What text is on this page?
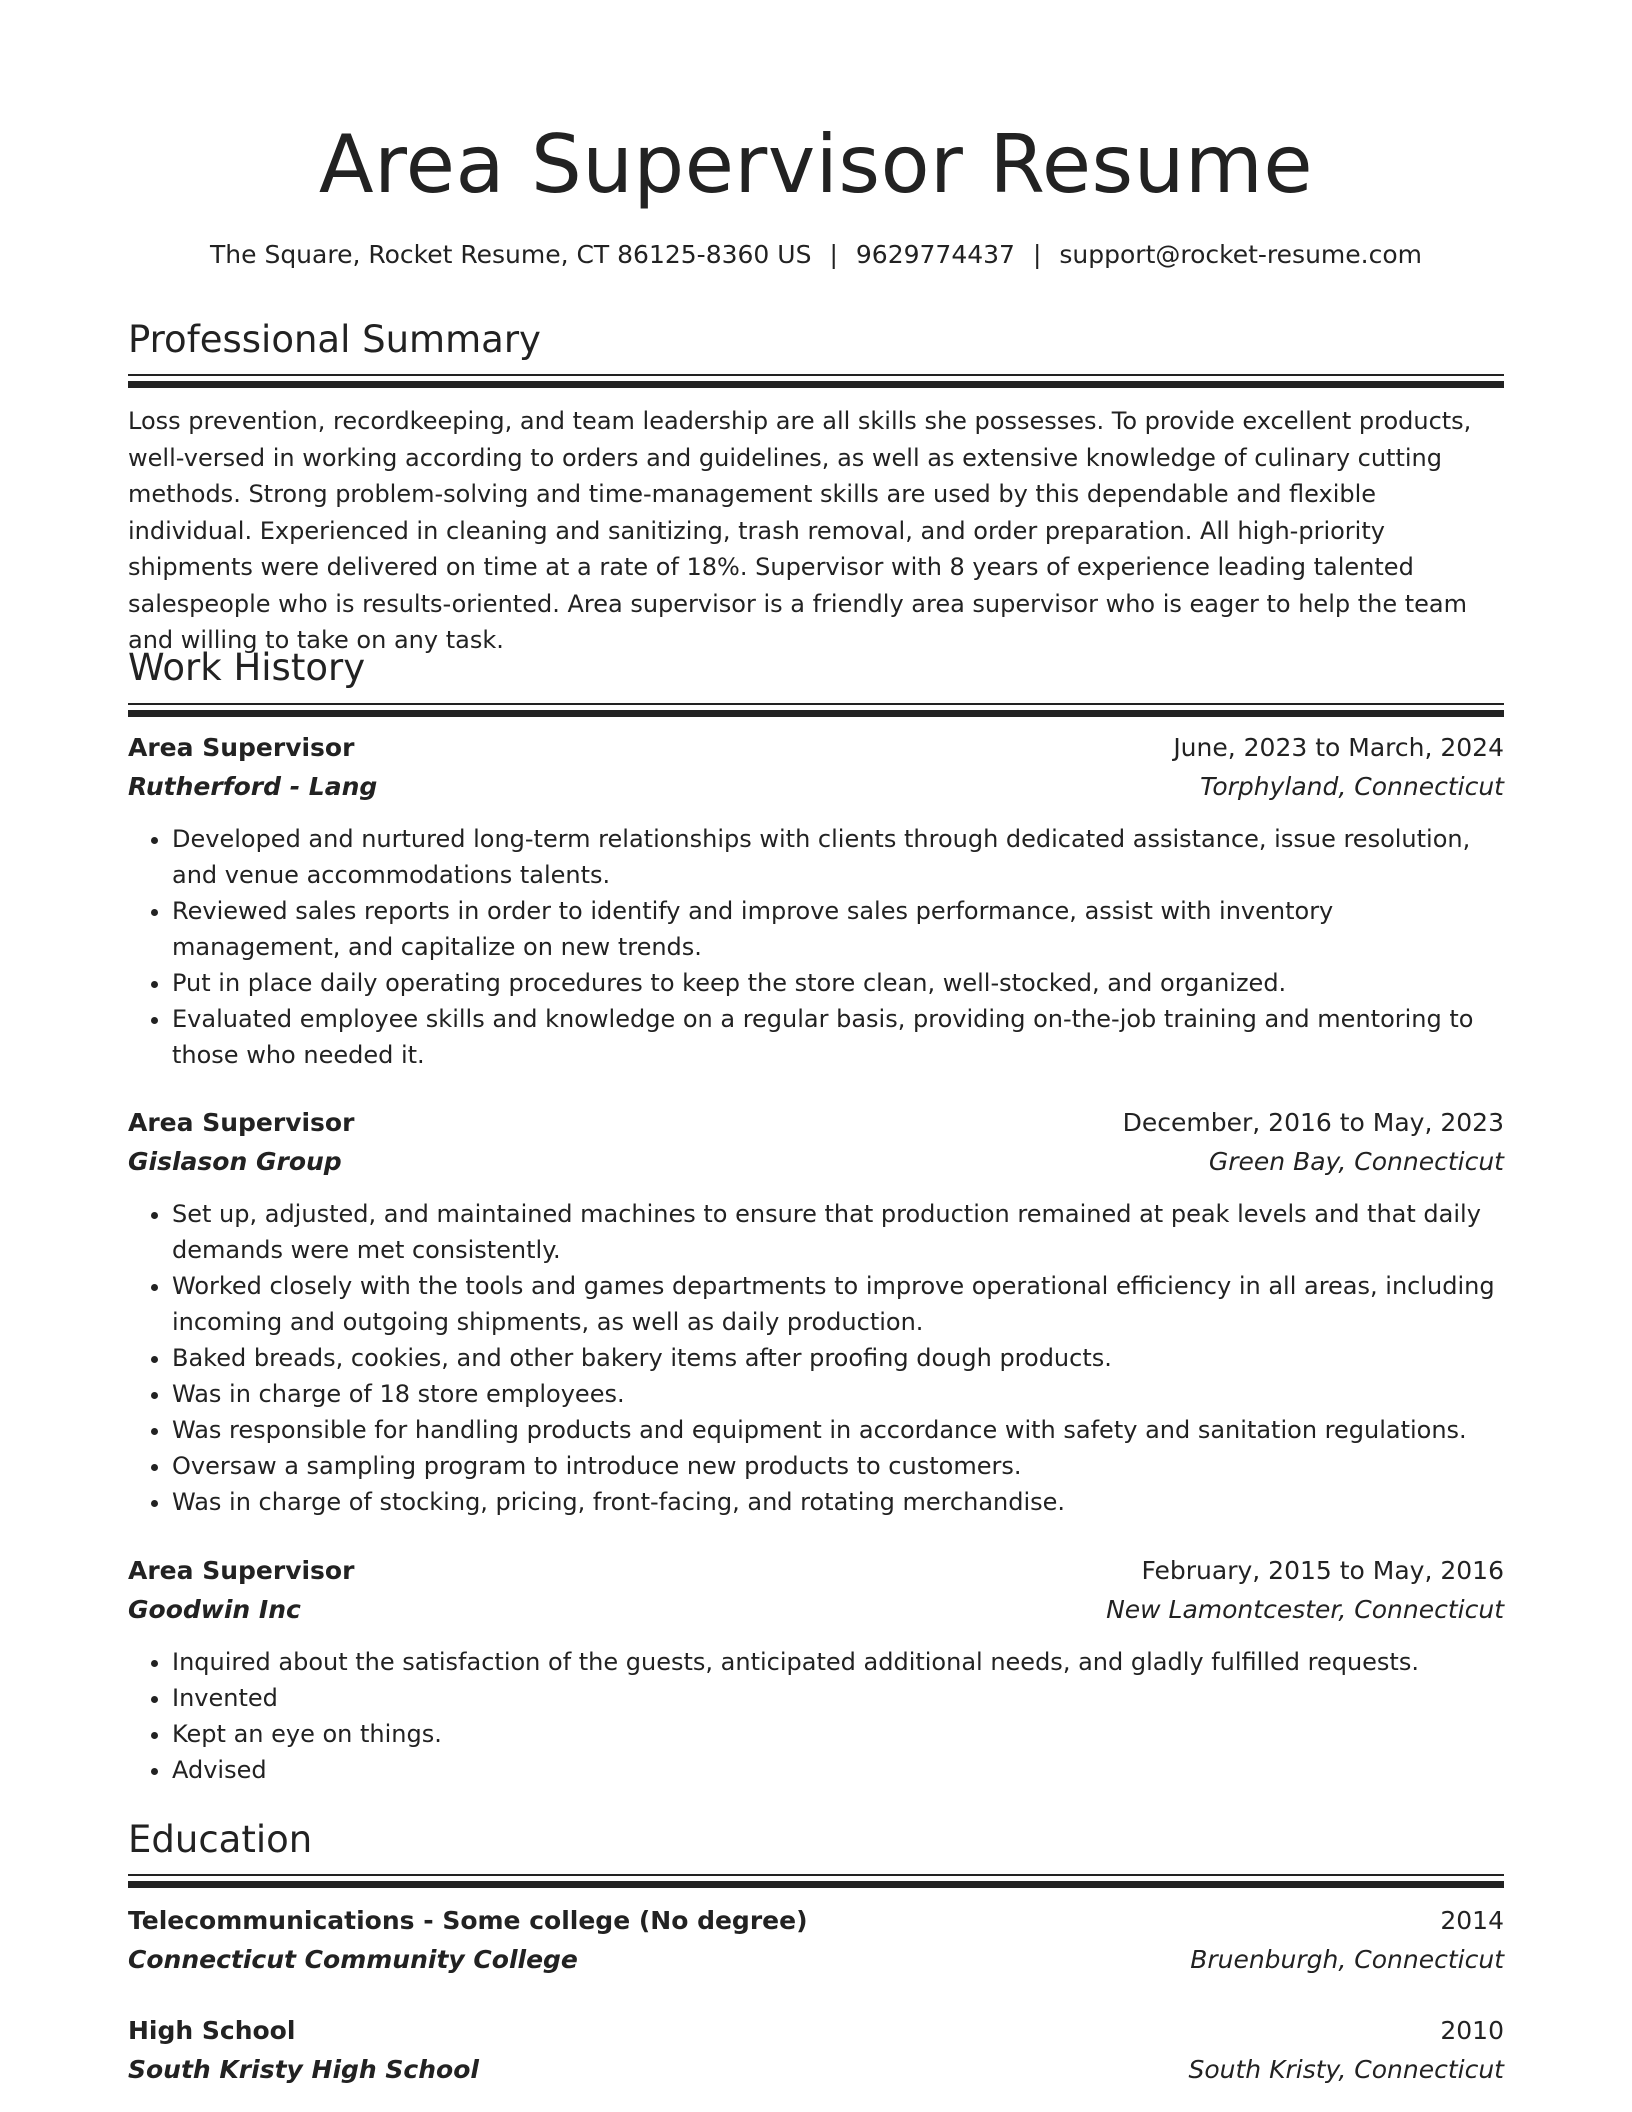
Area Supervisor Resume
The Square, Rocket Resume, CT 86125-8360 US | 9629774437 | support@rocket-resume.com
Professional Summary

Loss prevention, recordkeeping, and team leadership are all skills she possesses. To provide excellent products, well-versed in working according to orders and guidelines, as well as extensive knowledge of culinary cutting methods. Strong problem-solving and time-management skills are used by this dependable and flexible individual. Experienced in cleaning and sanitizing, trash removal, and order preparation. All high-priority shipments were delivered on time at a rate of 18%. Supervisor with 8 years of experience leading talented salespeople who is results-oriented. Area supervisor is a friendly area supervisor who is eager to help the team and willing to take on any task.

Work History
Area Supervisor	June, 2023 to March, 2024
Rutherford - Lang	Torphyland, Connecticut
• Developed and nurtured long-term relationships with clients through dedicated assistance, issue resolution, and venue accommodations talents.
• Reviewed sales reports in order to identify and improve sales performance, assist with inventory management, and capitalize on new trends.
• Put in place daily operating procedures to keep the store clean, well-stocked, and organized.
• Evaluated employee skills and knowledge on a regular basis, providing on-the-job training and mentoring to those who needed it.
Area Supervisor	December, 2016 to May, 2023
Gislason Group	Green Bay, Connecticut
• Set up, adjusted, and maintained machines to ensure that production remained at peak levels and that daily demands were met consistently.
• Worked closely with the tools and games departments to improve operational efficiency in all areas, including incoming and outgoing shipments, as well as daily production.
• Baked breads, cookies, and other bakery items after proofing dough products.
• Was in charge of 18 store employees.
• Was responsible for handling products and equipment in accordance with safety and sanitation regulations.
• Oversaw a sampling program to introduce new products to customers.
• Was in charge of stocking, pricing, front-facing, and rotating merchandise.
Area Supervisor	February, 2015 to May, 2016
Goodwin Inc	New Lamontcester, Connecticut
• Inquired about the satisfaction of the guests, anticipated additional needs, and gladly fulfilled requests.
• Invented
• Kept an eye on things.
• Advised
Education
Telecommunications - Some college (No degree)	2014
Connecticut Community College	Bruenburgh, Connecticut
High School	2010
South Kristy High School	South Kristy, Connecticut
